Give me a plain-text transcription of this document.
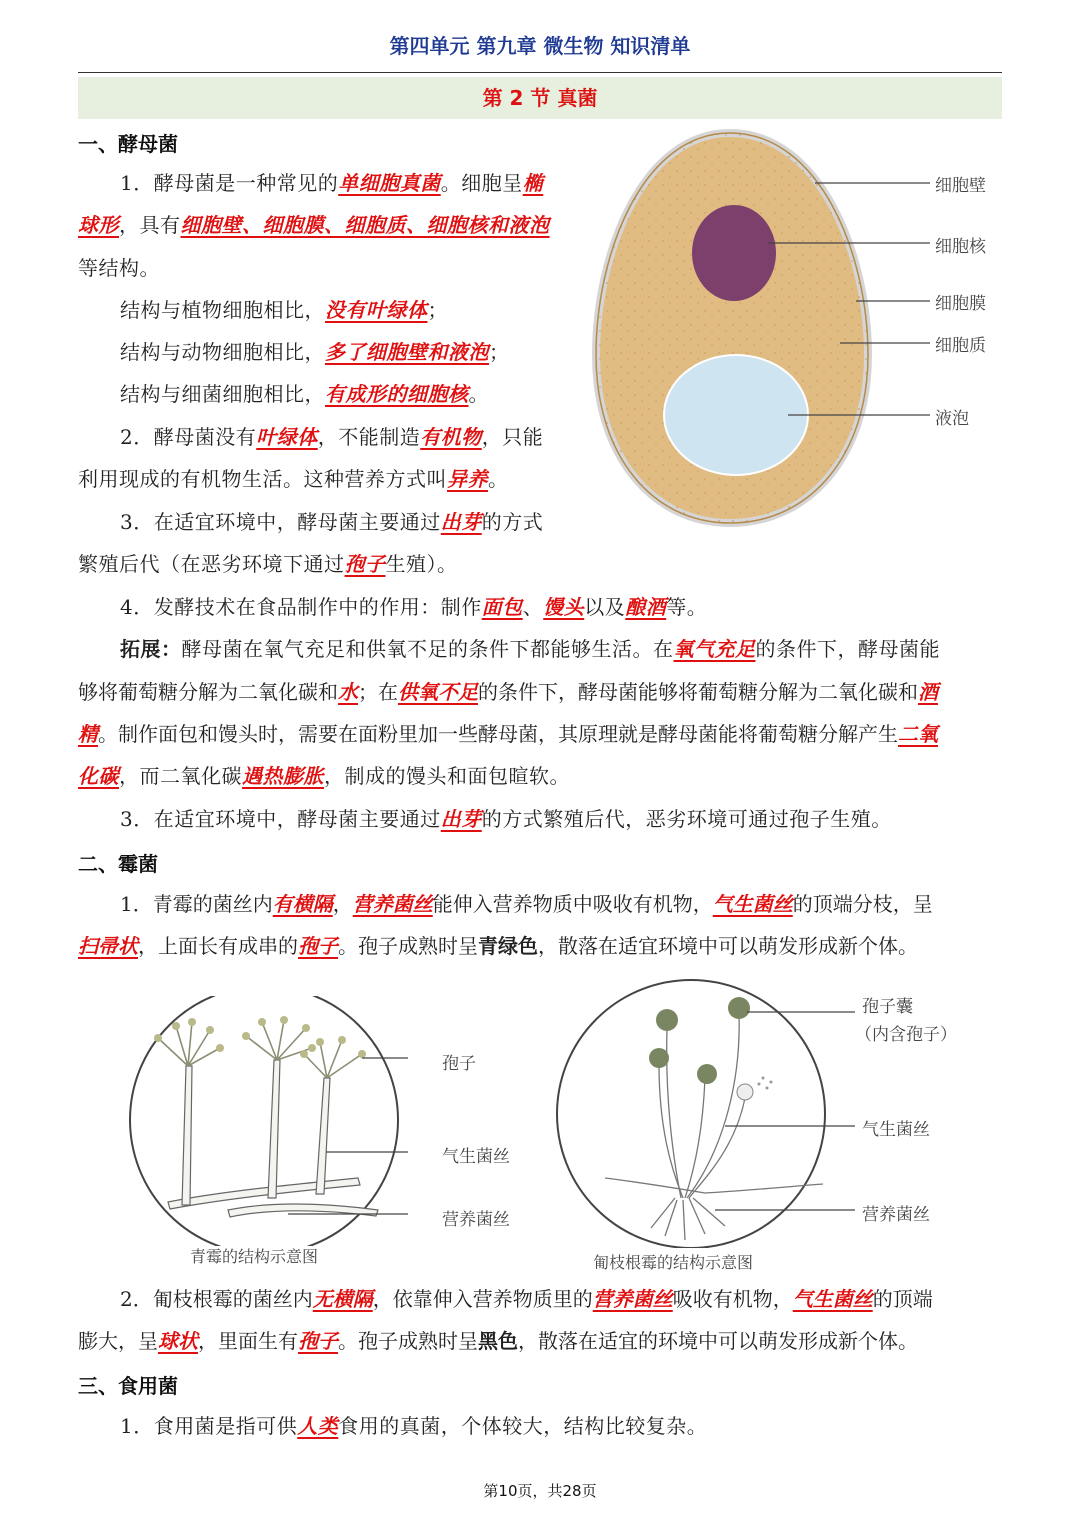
第四单元 第九章 微生物 知识清单
第 2 节 真菌
一、酵母菌
1．酵母菌是一种常见的单细胞真菌。细胞呈椭
球形，具有细胞壁、细胞膜、细胞质、细胞核和液泡
等结构。
结构与植物细胞相比，没有叶绿体；
结构与动物细胞相比，多了细胞壁和液泡；
结构与细菌细胞相比，有成形的细胞核。
2．酵母菌没有叶绿体，不能制造有机物，只能
利用现成的有机物生活。这种营养方式叫异养。
3．在适宜环境中，酵母菌主要通过出芽的方式
繁殖后代（在恶劣环境下通过孢子生殖）。
4．发酵技术在食品制作中的作用：制作面包、馒头以及酿酒等。
拓展：酵母菌在氧气充足和供氧不足的条件下都能够生活。在氧气充足的条件下，酵母菌能
够将葡萄糖分解为二氧化碳和水；在供氧不足的条件下，酵母菌能够将葡萄糖分解为二氧化碳和酒
精。制作面包和馒头时，需要在面粉里加一些酵母菌，其原理就是酵母菌能将葡萄糖分解产生二氧
化碳，而二氧化碳遇热膨胀，制成的馒头和面包暄软。
3．在适宜环境中，酵母菌主要通过出芽的方式繁殖后代，恶劣环境可通过孢子生殖。
细胞壁
细胞核
细胞膜
细胞质
液泡
二、霉菌
1．青霉的菌丝内有横隔，营养菌丝能伸入营养物质中吸收有机物，气生菌丝的顶端分枝，呈
扫帚状，上面长有成串的孢子。孢子成熟时呈青绿色，散落在适宜环境中可以萌发形成新个体。
孢子
气生菌丝
营养菌丝
青霉的结构示意图
孢子囊
（内含孢子）
气生菌丝
营养菌丝
匍枝根霉的结构示意图
2．匍枝根霉的菌丝内无横隔，依靠伸入营养物质里的营养菌丝吸收有机物，气生菌丝的顶端
膨大，呈球状，里面生有孢子。孢子成熟时呈黑色，散落在适宜的环境中可以萌发形成新个体。
三、食用菌
1．食用菌是指可供人类食用的真菌，个体较大，结构比较复杂。
第10页，共28页
